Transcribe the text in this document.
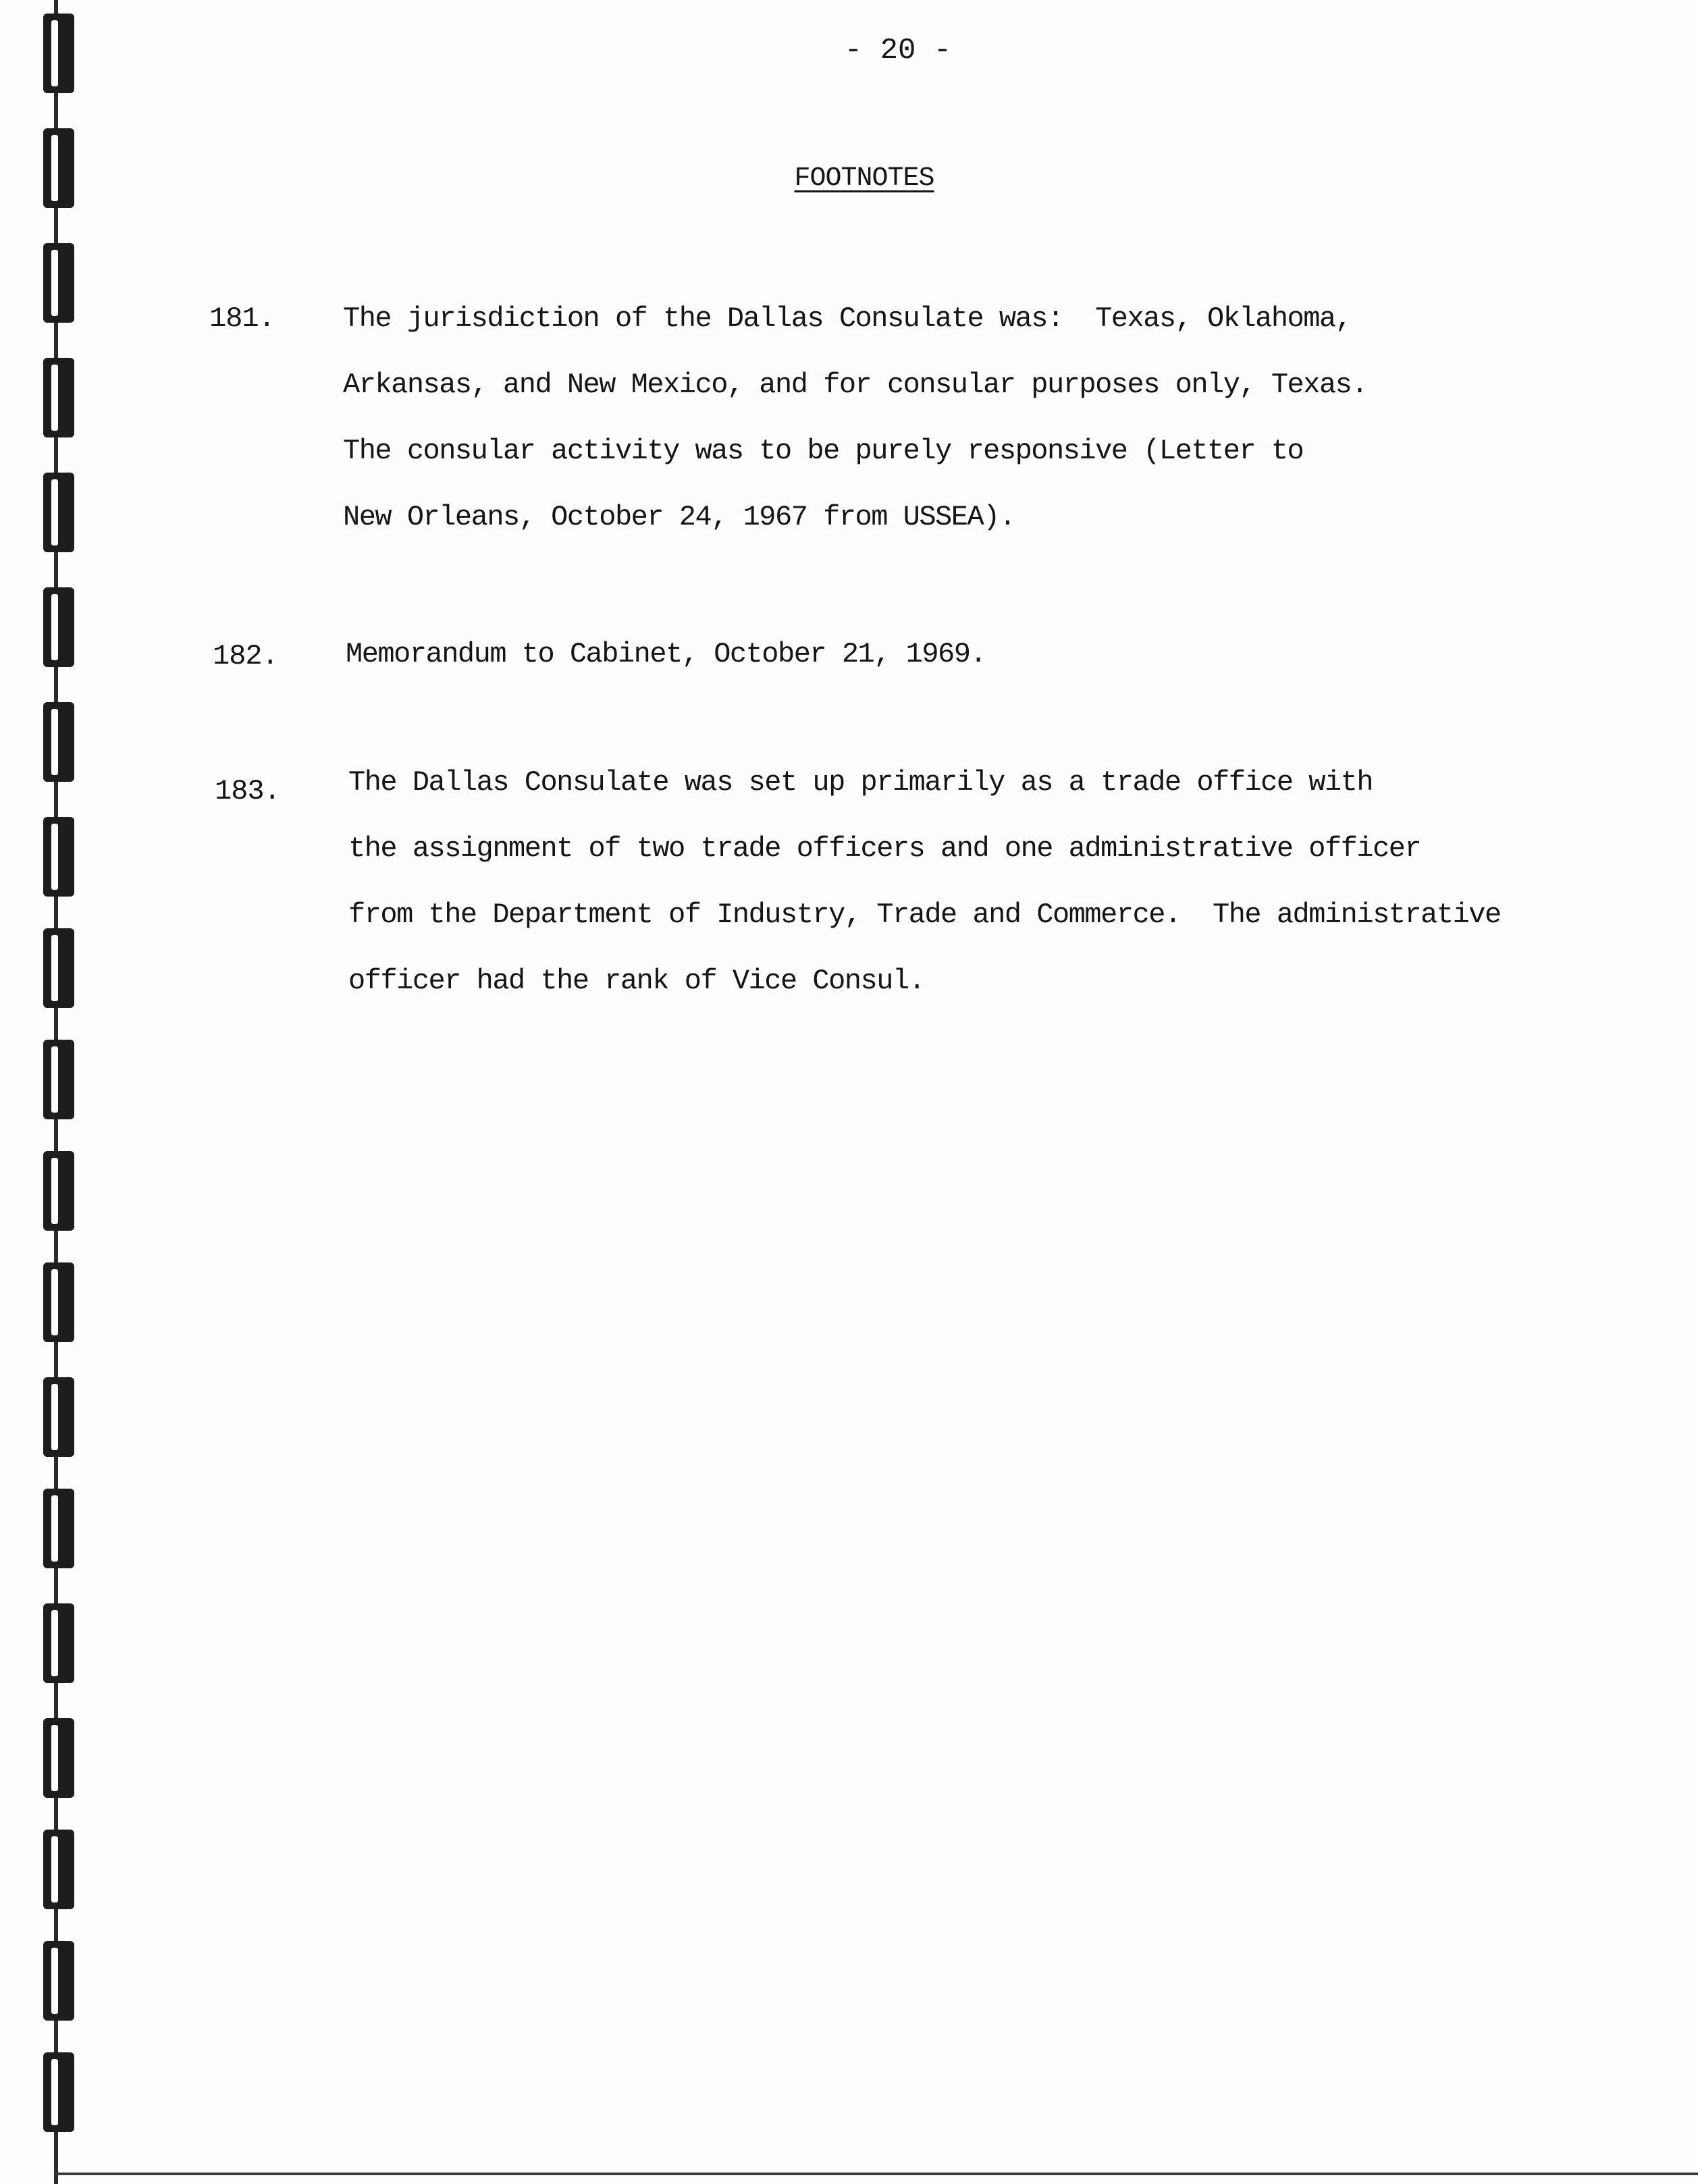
- 20 -
FOOTNOTES
181. The jurisdiction of the Dallas Consulate was:  Texas, Oklahoma,
Arkansas, and New Mexico, and for consular purposes only, Texas.
The consular activity was to be purely responsive (Letter to
New Orleans, October 24, 1967 from USSEA).
182. Memorandum to Cabinet, October 21, 1969.
183. The Dallas Consulate was set up primarily as a trade office with
the assignment of two trade officers and one administrative officer
from the Department of Industry, Trade and Commerce.  The administrative
officer had the rank of Vice Consul.
